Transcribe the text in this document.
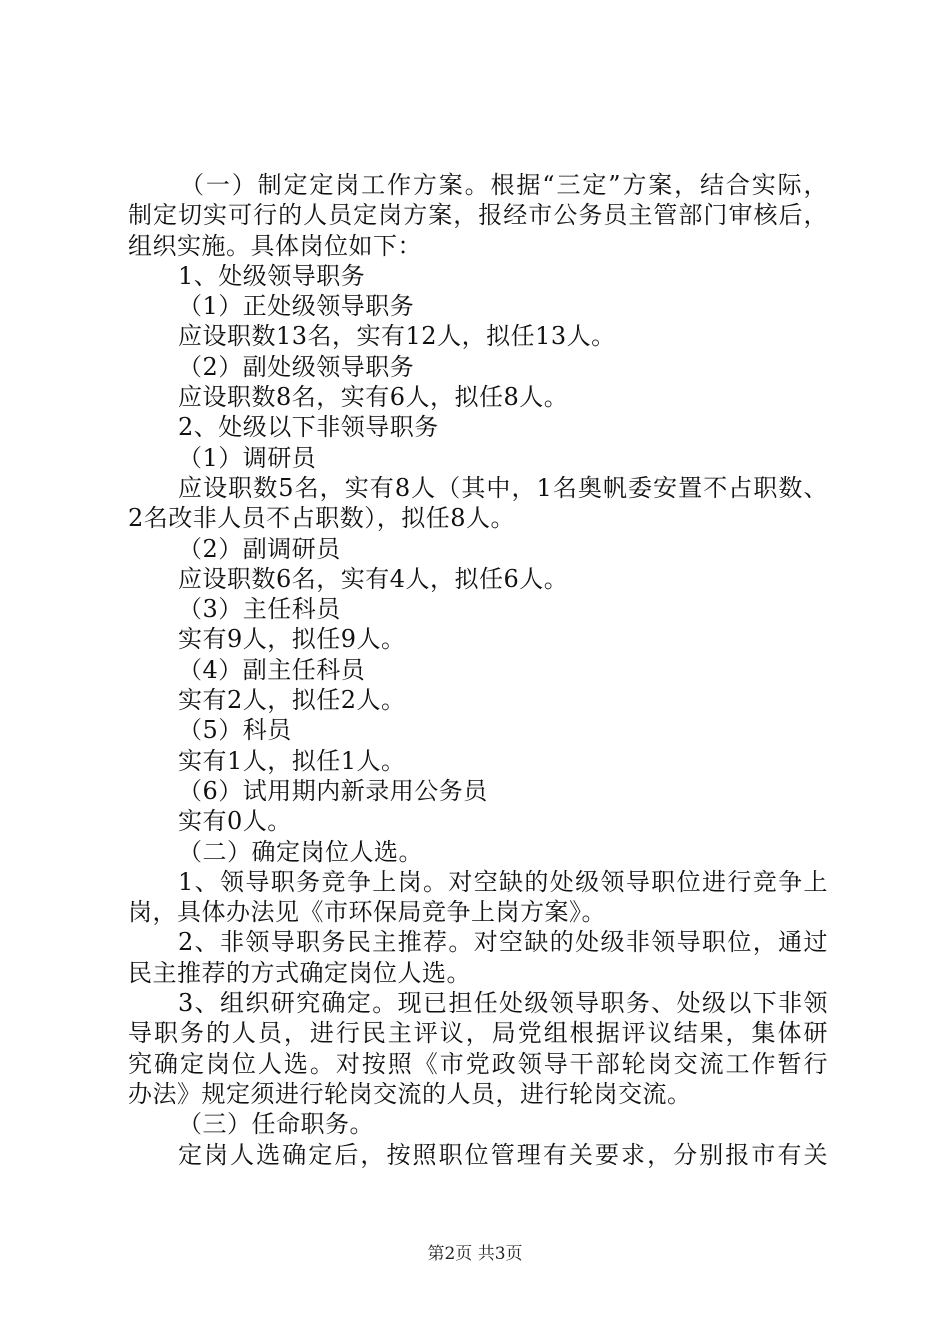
（一）制定定岗工作方案。根据“三定”方案，结合实际，
制定切实可行的人员定岗方案，报经市公务员主管部门审核后，
组织实施。具体岗位如下：
1、处级领导职务
（1）正处级领导职务
应设职数13名，实有12人，拟任13人。
（2）副处级领导职务
应设职数8名，实有6人，拟任8人。
2、处级以下非领导职务
（1）调研员
应设职数5名，实有8人（其中，1名奥帆委安置不占职数、
2名改非人员不占职数），拟任8人。
（2）副调研员
应设职数6名，实有4人，拟任6人。
（3）主任科员
实有9人，拟任9人。
（4）副主任科员
实有2人，拟任2人。
（5）科员
实有1人，拟任1人。
（6）试用期内新录用公务员
实有0人。
（二）确定岗位人选。
1、领导职务竞争上岗。对空缺的处级领导职位进行竞争上
岗，具体办法见《市环保局竞争上岗方案》。
2、非领导职务民主推荐。对空缺的处级非领导职位，通过
民主推荐的方式确定岗位人选。
3、组织研究确定。现已担任处级领导职务、处级以下非领
导职务的人员，进行民主评议，局党组根据评议结果，集体研
究确定岗位人选。对按照《市党政领导干部轮岗交流工作暂行
办法》规定须进行轮岗交流的人员，进行轮岗交流。
（三）任命职务。
定岗人选确定后，按照职位管理有关要求，分别报市有关
第2页 共3页
